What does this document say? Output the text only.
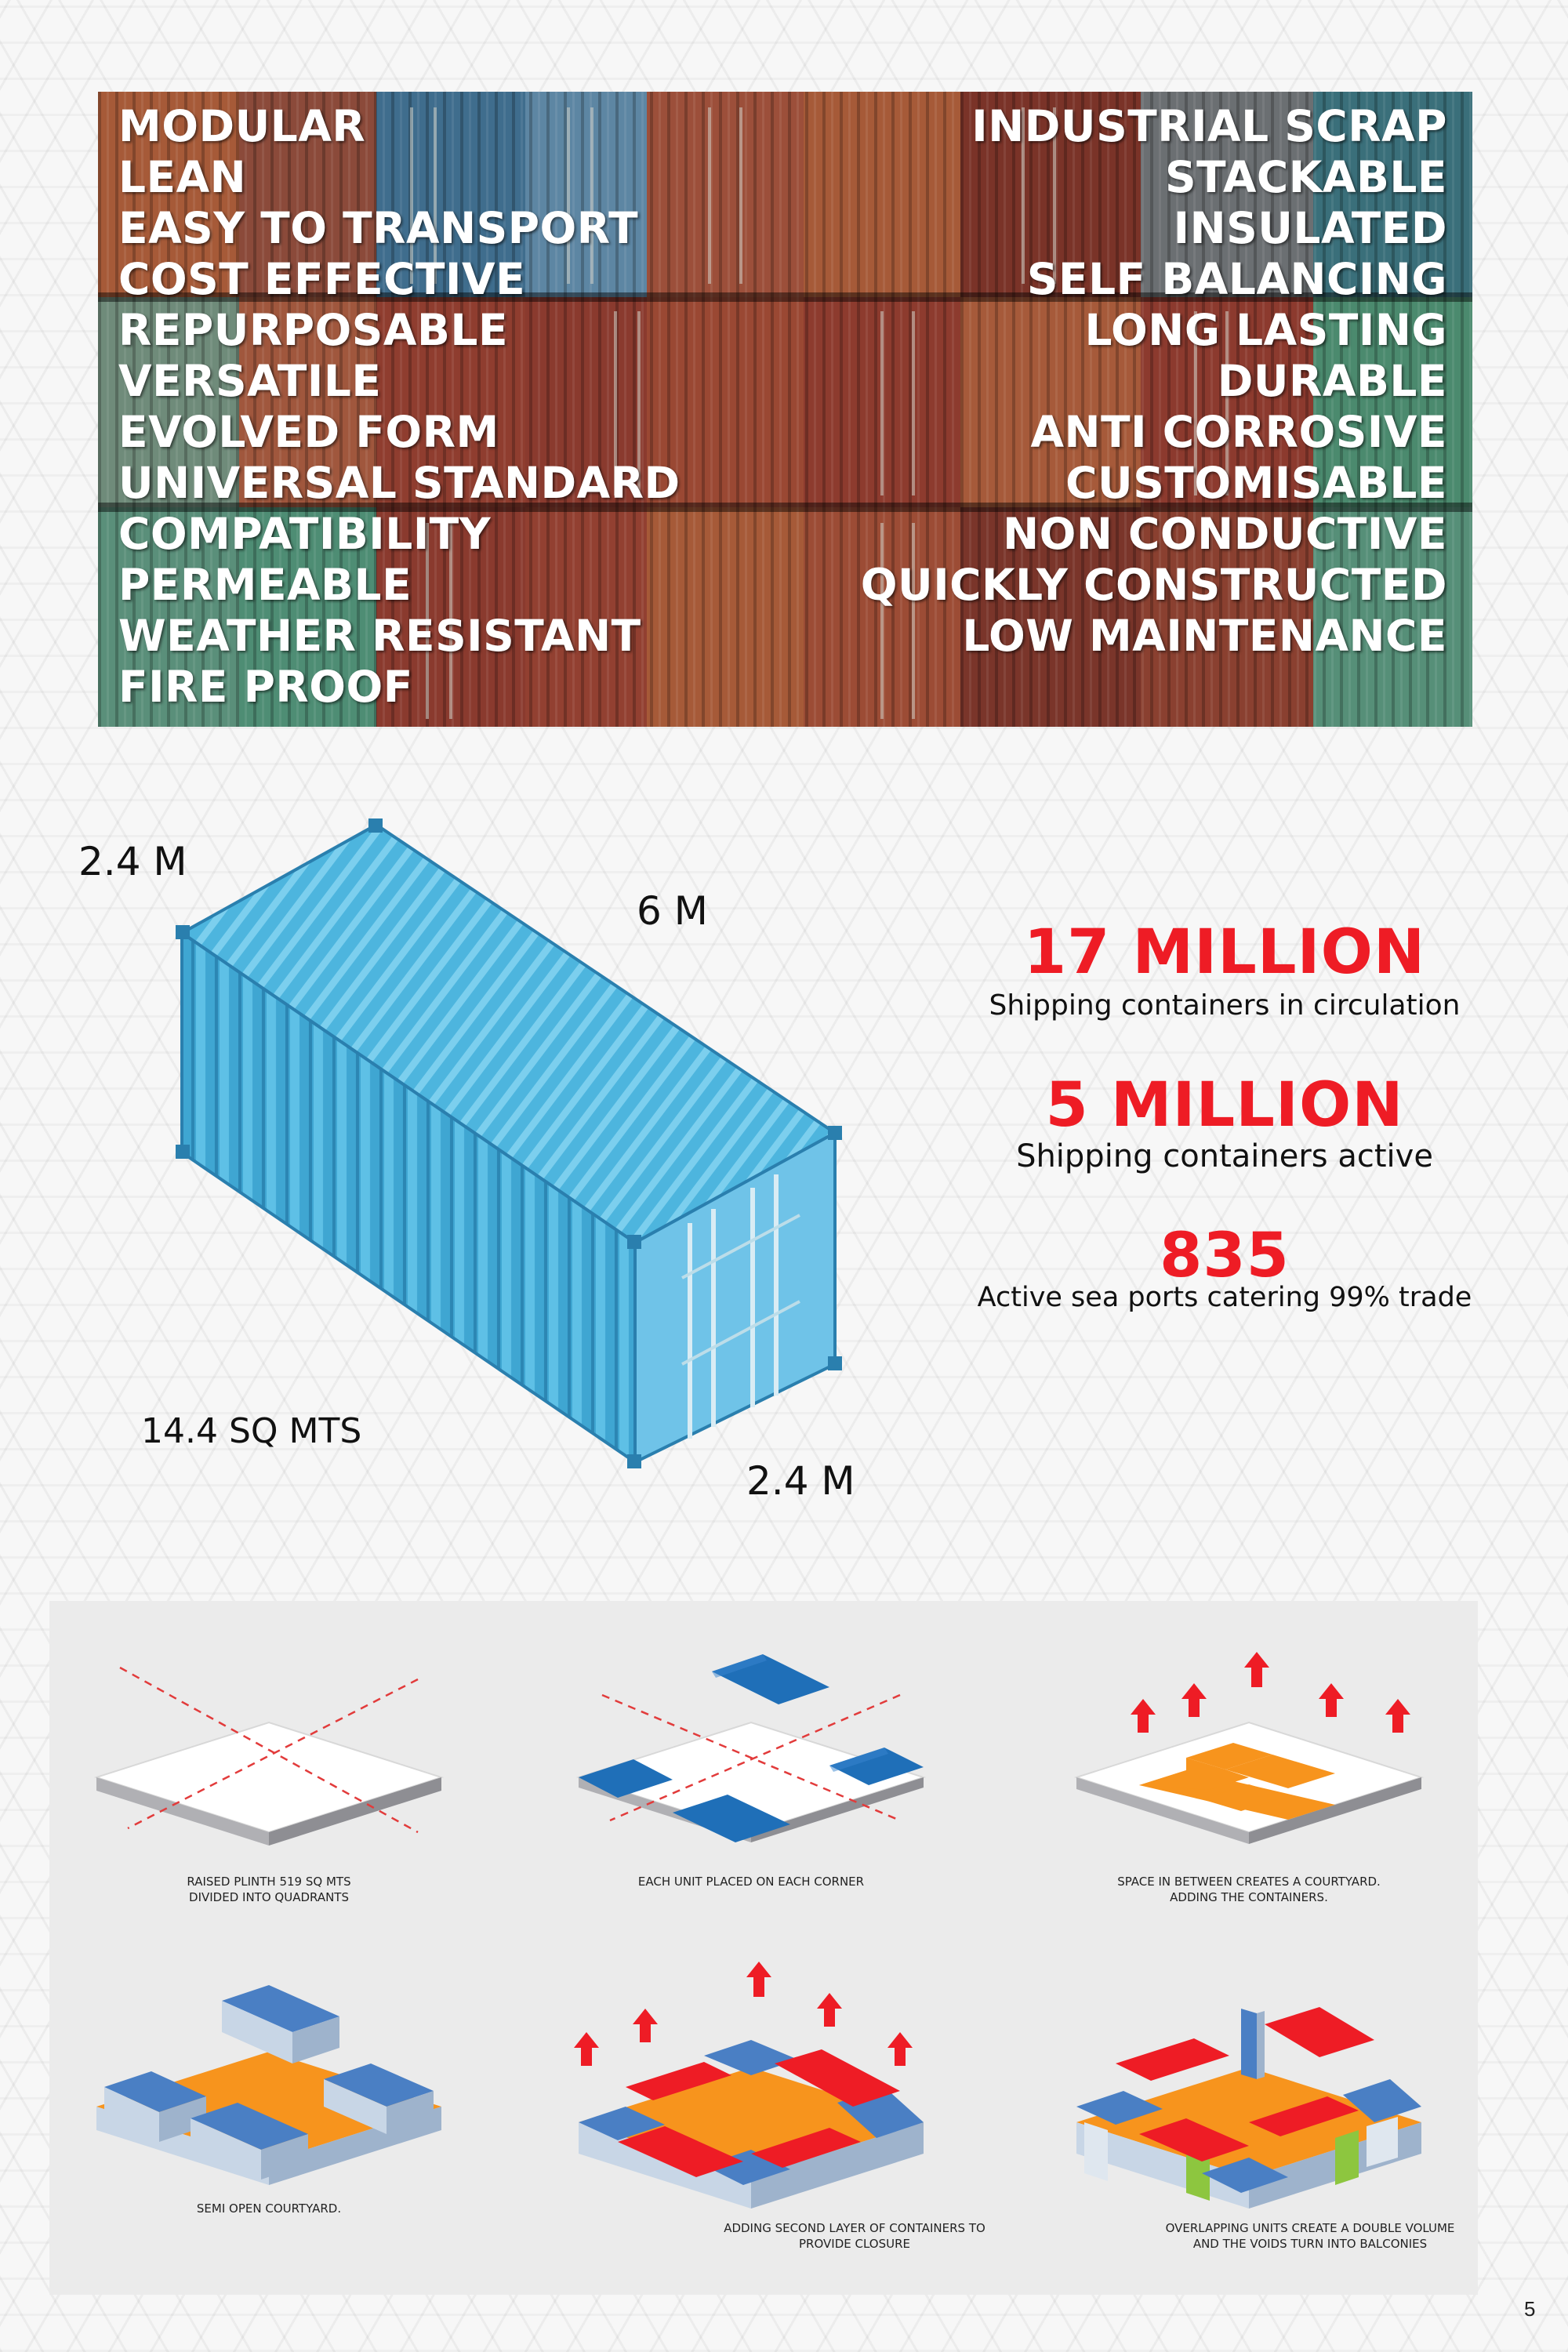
MODULAR
LEAN
EASY TO TRANSPORT
COST EFFECTIVE
REPURPOSABLE
VERSATILE
EVOLVED FORM
UNIVERSAL STANDARD
COMPATIBILITY
PERMEABLE
WEATHER RESISTANT
FIRE PROOF
INDUSTRIAL SCRAP
STACKABLE
INSULATED
SELF BALANCING
LONG LASTING
DURABLE
ANTI CORROSIVE
CUSTOMISABLE
NON CONDUCTIVE
QUICKLY CONSTRUCTED
LOW MAINTENANCE
2.4 M
6 M
2.4 M
14.4 SQ MTS
17 MILLION
Shipping containers in circulation
5 MILLION
Shipping containers active
835
Active sea ports catering 99% trade
RAISED PLINTH 519 SQ MTS
DIVIDED INTO QUADRANTS
EACH UNIT PLACED ON EACH CORNER	SPACE IN BETWEEN CREATES A COURTYARD.
ADDING THE CONTAINERS.
SEMI OPEN COURTYARD.
ADDING SECOND LAYER OF CONTAINERS TO
PROVIDE CLOSURE
OVERLAPPING UNITS CREATE A DOUBLE VOLUME
AND THE VOIDS TURN INTO BALCONIES
5
